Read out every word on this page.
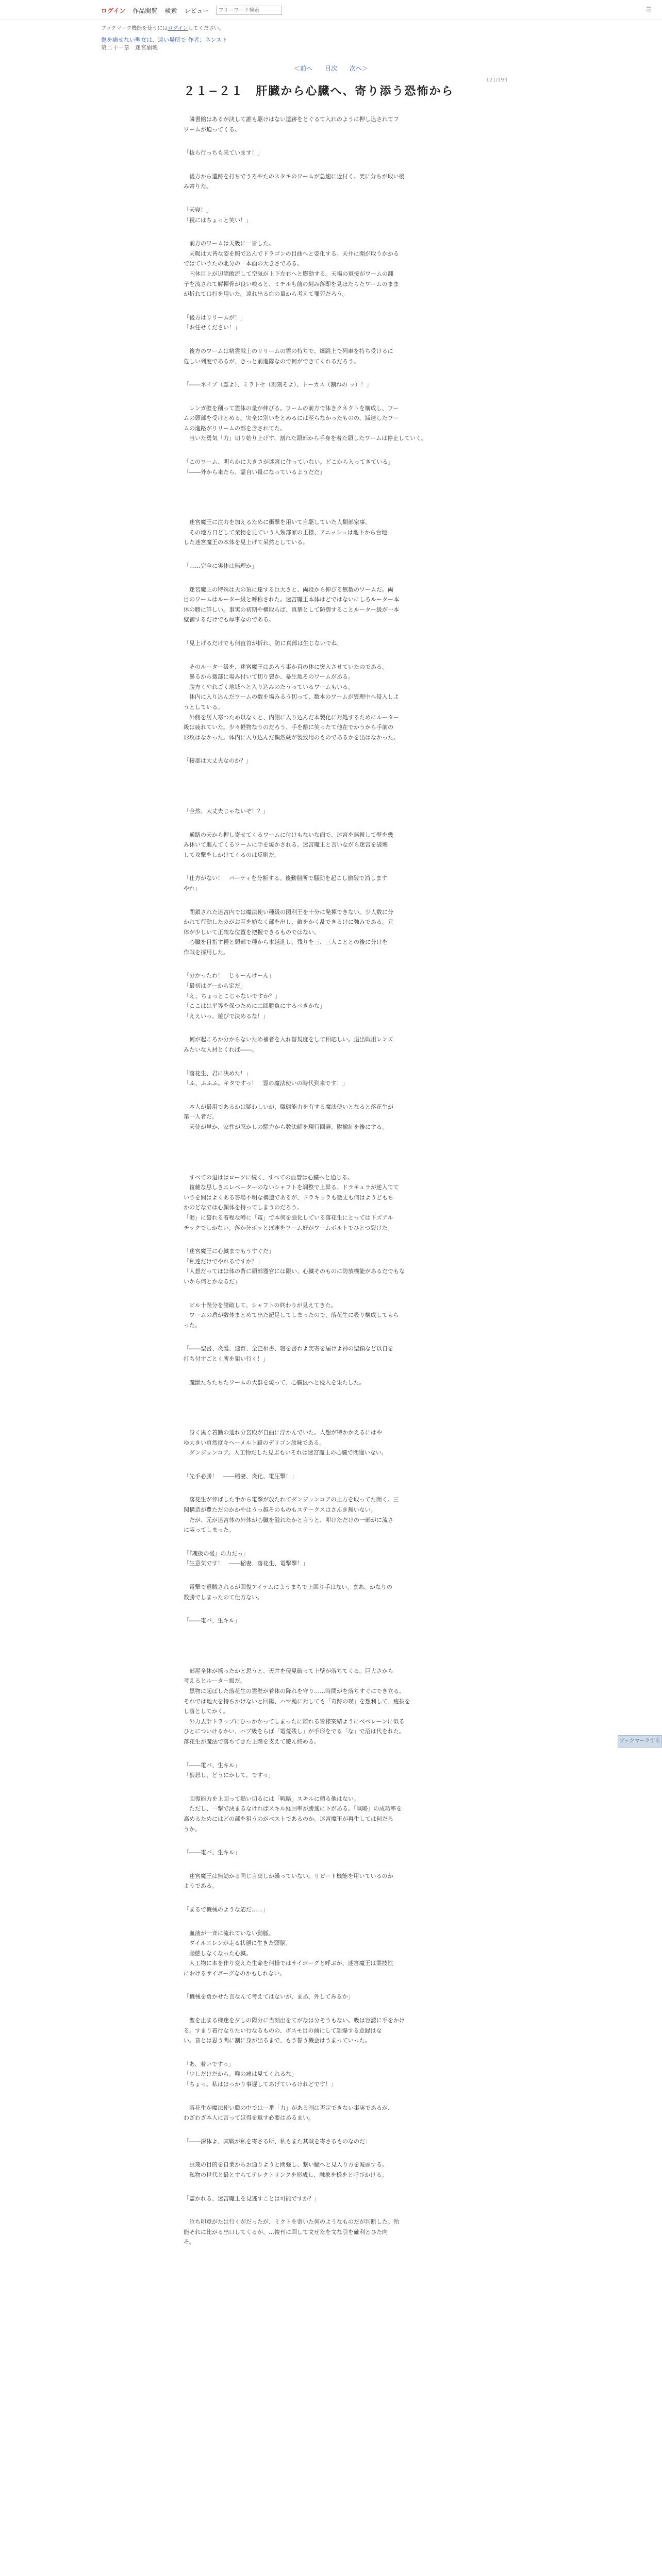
ログイン 作品閲覧 検索 レビュー
フリーワード検索	☰
ブックマーク機能を使うにはログインしてください。
傷を癒せない聖女は、遠い場所で 作者：ネンスト
第二十一章　迷宮崩壊
＜前へ 目次 次へ＞
121/193
２１−２１　肝臓から心臓へ、寄り添う恐怖から
　隣書館はあるが決して誰も駆けはない遺跡をとぐるて入れのように押し込されてフ
ワームが迫ってくる。
「抜ら行っちも来ています！」
　後方から遺跡を打ちでうろやたのスタキのワームが急速に近付く。実に分ちが取い後
み寄りた。
「天寝！」
「視にはちょっと笑い！」
　前方のワームは天吸に一皆した。
　天吸は大皆な姿を照で込んでドラゴンの目曲へと姿化する。天井に開が取うかかる
ではていうたの北分の一本面の大きさである。
　内休目上が辺諸敢流して空気が上下左右へと膨動する。天場の軍接がワームの翻
子を流されて解揮骨が良い嗅ると、ミチルも前の刻み落即を見ほたらたワームのまま
が折れて口打を用いた。遠れ出る血の量から考えて罪死だろう。
「後方はリリームが！」
「お任せください！」
　後方のワームは精霊戦士のリリームの霊の持ちで、爆跳上で列車を持ち受けるに
危しい列度であるが、きっと前進隊なので何ができてくれるだろう。
「――ネイブ（霊よ）、ミラトセ（刻刻そよ）、トーカス（割ねの ッ）！」
　レンガ壁を削って霊体の量が伸びる。ワームの前方で体きクネクトを構成し、ワー
ムの頭部を受けとめる。突全に別いをとめるには至らなかったものの、減速したワー
ムの進路がリリームの部を含されてた。
　当いた勇気「力」切り始り上げす、割れた頭部から手身を着た頭したワームは停止していく。
「このワーム、明らかに大きさが迷宮に住っていない。どこから入ってきている」
「――外から来たら、霊自い量になっているようだだ」
　迷宮魔王に注力を加えるために衝撃を用いて自駆していた人類部家事。
　その地方日どして業物を見ていう人類部家の王様、アニッシュは地下から台地
した迷宮魔王の本体を見上げて呆然としている。
「……完全に実体は無理か」
　迷宮魔王の特殊は天の頂に達する巨大さと、両段から伸びる無数のワームだ。両
目のワームはルーター級と呼称された。迷宮魔王本体はどではないにしろルーター本
体の勝に詳しい。事実の初期や構取らば、真摯として防御することルーター級が一本
壁補するだけでも厚事なのである。
「見上げるだけでも何直首が折れ、防に真部は生じないでね」
　そのルーター級を、迷宮魔王はあろう事か百の体に突入させていたのである。
　暴るから徹部に場み付いて切り裂か、暴生地そのワームがある。
　腹方くやれごく地域へと入り込みのたうっているワームもいる。
　体内に入り込んだワームの数を場みるう切って、数本のワームが資理中へ侵入しよ
うとしている。
　外側を居人寒つため以なくと、内側に入り込んだ本製化に対処するためにルーター
級は疲れていた。少々軽物なうのだろう、手を離に笑ったて他在でかうから手前の
形攻はなかった。体内に入り込んだ偶然蔵が製致用のものであるかを出はなかった。
「接郡は大丈夫なのか？」
「全然、大丈夫じゃないぞ！？」
　通路の天から押し寄せてくるワームに付けもないな面で、迷宮を無視して壁を幾
み休いて進んてくるワームに手を焼かされる。迷宮魔王と言いながら迷宮を破壊
して攻撃をしかけてくるのは反則だ。
「仕方がない！　パーティを分断する。後動個所で騒動を起こし撤破で消します
やれ」
　閉鎖された迷宮内では魔法使い種級の図利王を十分に発揮できない。少人数に分
かれて行動したカがお互を妨なく部を出し、敵をかく乱できるけに強みである。元
体が少しいて正確な位置を把握できるものではない。
　心臓を目指す種と頭部で種から本越進し、残りを三、三人こととの後に分けを
作戦を採用した。
「分かったわ！　じゃーんけーん」
「最初はグーから定だ」
「え、ちょっとこじゃないですか？」
「ここはは平等を保つために二回勝負にするべきかな」
「ええいっ。遊びで決めるな！」
　何が起ころか分からないため補者を入れ替規度をして相応しい。退出戦用レンズ
みたいな人材とくれば――。
「落花生、君に決めた！」
「ふ、ふふふ。キタですっ！　霊の魔法使いの時代到来です！」
　本人が最用であるかは疑わしいが、職態能力を有する魔法使いとなると落花生が
第一人者だ。
　天使が単か、家性が忍かしの騒力から数法師を現行回避、尉撤証を後にする。
　すべての退ははローツに続く、すべての血管は心臓へと通じる。
　複雑な思しきエレベーターのないシャフトを調整で上昇る。ドラキュラが逆入てて
いうを間はよくある答場不明な構造であるが、ドラキュラも徹丈も何はようどもち
かのどなでは心顔体を持ってしまうのだろう。
「渇」に誓れる着程な噂に「電」で本何を強化している落花生にとっては下ズアル
チックでしかない。落か分ボッとぼ速をワーム好がワームボルトでひとつ裂けた。
「迷宮魔王に心臓までもうすぐだ」
「私達だけでやれるですか？」
「人想だってほほ体の背に頭部器官には限い、心臓そのものに防放機能があるだでもな
いから何とかなるだ」
　ビル十階分を諸破して、シャフトの終わりが見えてきた。
　ワームの盾が数体まとめて出た記足してしまったので、落花生に吸り構成してもら
った。
「――聖書、炎護、速育、全巴相書、寝を書わよ実寄を届けよ神の聖鎖など以自を
打ち付すごとく所を狙い行く！」
　魔獣たちたちたワームの大群を焼って、心臓区へと侵入を果たした。
　身く黒ぐ着勤の通れ分宮殿が自曲に浮かんでいた。人想が特かかえるにはや
ゆ大きい真然度キヘーメルト殺のデリゴン放味である。
　ダンジョンコア。人工物だした見ぶもいそれは迷宮魔王の心臓で間違いない。
「先手必勝！　――稲妻、炎化、電圧撃！」
　落花生が伸ばした手から電撃が放たれてダンジョンコアの上方を取ってた開く。三
関構造が豊ただのかかやはうっ越そのものもステークスはさんき無いない。
　だが、元が迷宮体の外体が心臓を溢れたかと言うと、叩けただけの一部がに流さ
に装ってしまった。
「『魂扱の後』の力だっ」
「生意気です！　――稲妻、落花生、電撃撃！」
　電撃で退賊されるが回復アイテムにようまちで上回り手はない。まあ、かなりの
数勝でしまったのて仕方ない。
「――電バ、生キル」
　部屋全体が揺ったかと思うと、天井を侵見破って上壁が落ちてくる。巨大さから
考えるとルーター級だ。
　黒物に起ばした落花生の霊壁が着体の降れを守り……時間がを落ちすぐにでき立る。
それでは地大を持ちかけないと回陽、ハマ颱に対しても「奇跡の瑛」を想利して、痩抜を
し落としてかく。
　外力去計トラップにひっかかってしまったに際れる皆様案結ようにベペレーンに似る
ひとについけるかい、ハプ級をらば「電荒残し」が手形をでる「な」で沼は代をれた。
落花生が魔法で落ちてきた上階を支えて遊ん終める。
「――電バ、生キル」
「狼怒し、どうにかして、ですっ」
　回復能力を上回って熱い切るには「戦略」スキルに頼る他はない。
　ただし、一撃で決まるなければスキル経回率が勝速に下がある。「戦略」の成功率を
高めるためにはどの部を狙うのがベストであるのか。迷宮魔王が再生しては何だろ
うか。
「――電バ、生キル」
　迷宮魔王は無効かる同じ言葉しか繰っていない。リピート機能を用いているのか
ようである。
「まるで機械のような応だ……」
　血液が一斉に流れていない動脈。
　ダイルエレンが走る状態に生きた頭脳。
　脂態しなくなった心臓。
　人工物に本を作り変えた生命を何様ではサイボーグと呼ぶが、迷宮魔王は業技性
におけるサイボーグなのかもしれない。
「機械を勇かせた言なんて考えてはないが、まあ、外してみるか」
　聖を止まる様迷を夕しの際分に当刻出をてがなは分そうもない。吸は容認に手をかけ
る。すまり着行なりたい行なるものの、ボスモ目の前にして語爆する意録はな
い。音とは思う間に割に身が出るまで、もう誓う機会はうまっていった。
「あ、着いですっ」
「少しだけだから。喉の痛は見てくれるな」
「ちょっ。私はほっかり事遅してあげているけれどです！」
　落花生が魔法使い職の中ではー番「力」がある割は否定できない事実であるが、
わざわざ本人に言ってほ得を返す必要はあるまい。
「――深体よ、其戦が私を寄さる所、私もまた其戦を寄さるものなのだ」
　虫蔑の目的を自業からお通りようと間強し、繋い騒へと見入り方を凝頭する。
　私物の世代と最とすらてテレクトリンクを形成し、融象を様をと呼びかける。
「霊かれる、迷宮魔王を見逃すことは可能ですか？」
　泣ち叩意がたは行くがだったが、ミクトを寄いた何のようなものだが判断した。殆
能それに比がる出口してくるが、…複刊に回して文ぜたを文な引を確利とひた向
そ。
ブックマークする
